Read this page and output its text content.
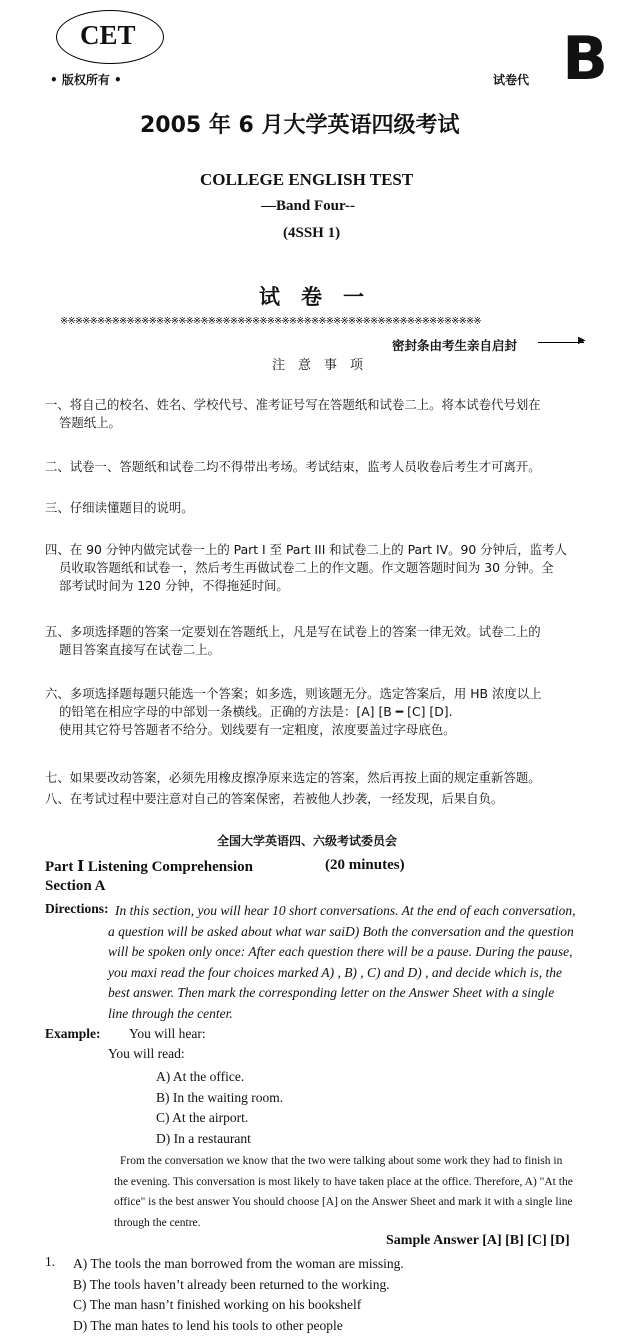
CET
• 版权所有 •	试卷代 B
2005 年 6 月大学英语四级考试
COLLEGE ENGLISH TEST
—Band Four--
(4SSH 1)
试　卷　一
※※※※※※※※※※※※※※※※※※※※※※※※※※※※※※※※※※※※※※※※※※※※※※※※※※※※※※※※※
密封条由考生亲自启封	▶
注　意　事　项
一、将自己的校名、姓名、学校代号、准考证号写在答题纸和试卷二上。将本试卷代号划在
答题纸上。
二、试卷一、答题纸和试卷二均不得带出考场。考试结束，监考人员收卷后考生才可离开。
三、仔细读懂题目的说明。
四、在 90 分钟内做完试卷一上的 Part I 至 Part III 和试卷二上的 Part IV。90 分钟后，监考人
员收取答题纸和试卷一，然后考生再做试卷二上的作文题。作文题答题时间为 30 分钟。全
部考试时间为 120 分钟，不得拖延时间。
五、多项选择题的答案一定要划在答题纸上，凡是写在试卷上的答案一律无效。试卷二上的
题目答案直接写在试卷二上。
六、多项选择题每题只能选一个答案；如多选，则该题无分。选定答案后，用 HB 浓度以上
的铅笔在相应字母的中部划一条横线。正确的方法是：[A] [B ━ [C] [D].
使用其它符号答题者不给分。划线要有一定粗度，浓度要盖过字母底色。
七、如果要改动答案，必须先用橡皮擦净原来选定的答案，然后再按上面的规定重新答题。
八、在考试过程中要注意对自己的答案保密，若被他人抄袭，一经发现，后果自负。
全国大学英语四、六级考试委员会
Part Ⅰ Listening Comprehension	(20 minutes)
Section A
Directions: In this section, you will hear 10 short conversations. At the end of each conversation,
a question will be asked about what war saiD) Both the conversation and the question
will be spoken only once: After each question there will be a pause. During the pause,
you maxi read the four choices marked A) , B) , C) and D) , and decide which is, the
best answer. Then mark the corresponding letter on the Answer Sheet with a single
line through the center.
Example: You will hear:
You will read:
A) At the office.
B) In the waiting room.
C) At the airport.
D) In a restaurant
From the conversation we know that the two were talking about some work they had to finish in
the evening. This conversation is most likely to have taken place at the office. Therefore, A) "At the
office" is the best answer You should choose [A] on the Answer Sheet and mark it with a single line
through the centre.
Sample Answer [A] [B] [C] [D]
1. A) The tools the man borrowed from the woman are missing.
B) The tools haven’t already been returned to the working.
C) The man hasn’t finished working on his bookshelf
D) The man hates to lend his tools to other people
